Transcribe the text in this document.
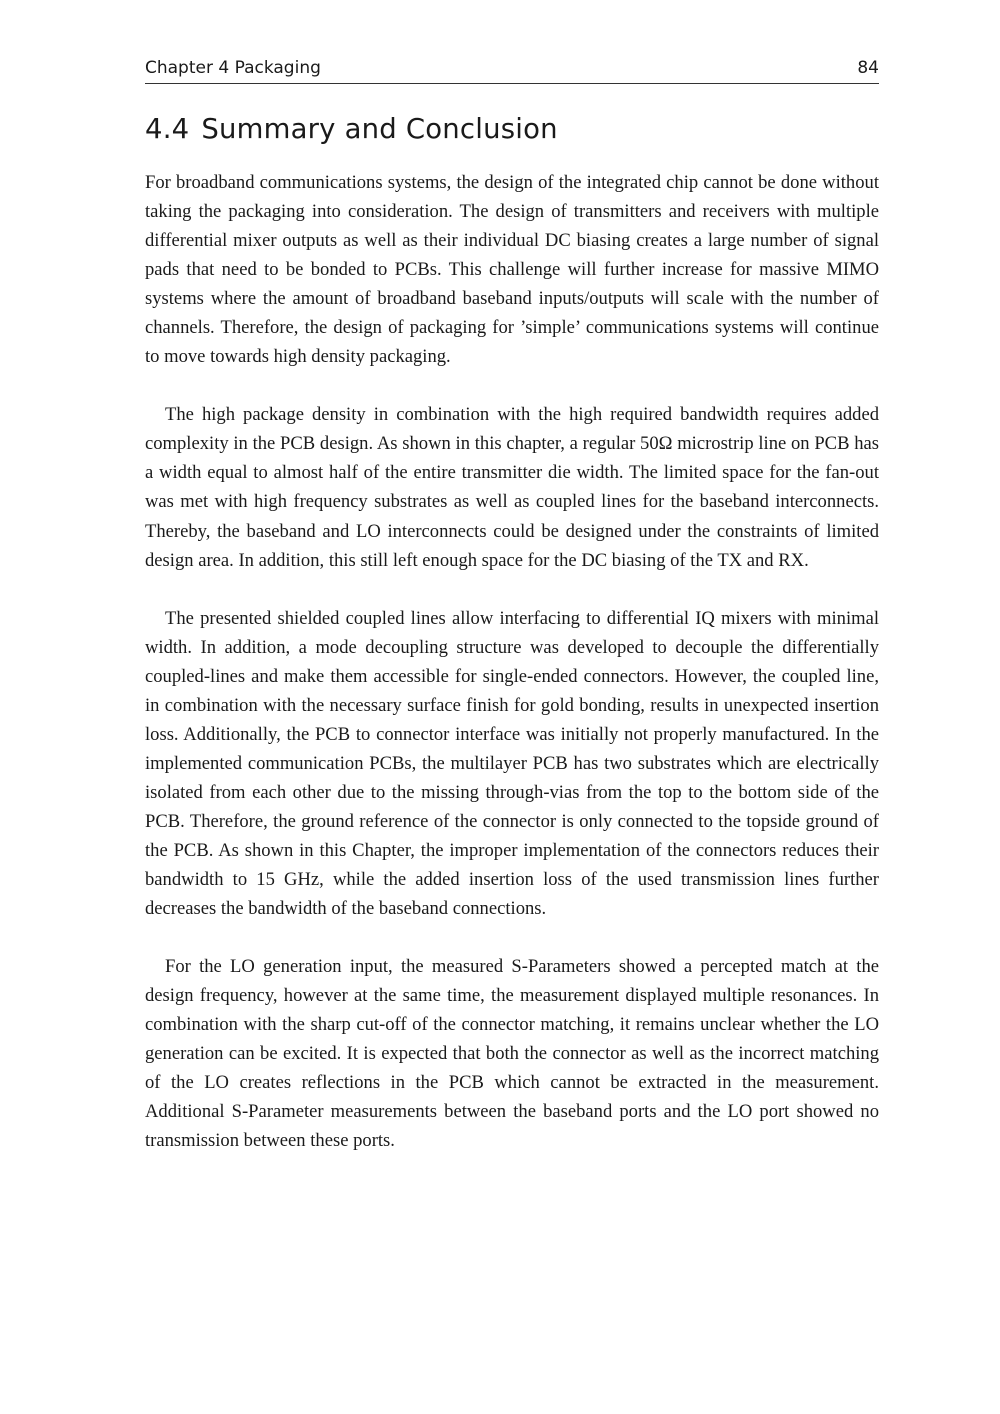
Chapter 4 Packaging	84
4.4 Summary and Conclusion

For broadband communications systems, the design of the integrated chip cannot be done without taking the packaging into consideration. The design of transmitters and receivers with multiple differential mixer outputs as well as their individual DC biasing creates a large number of signal pads that need to be bonded to PCBs. This challenge will further increase for massive MIMO systems where the amount of broadband baseband inputs/outputs will scale with the number of channels. Therefore, the design of packaging for ’simple’ communications systems will continue to move towards high density packaging.

The high package density in combination with the high required bandwidth requires added complexity in the PCB design. As shown in this chapter, a regular 50Ω microstrip line on PCB has a width equal to almost half of the entire transmitter die width. The limited space for the fan-out was met with high frequency substrates as well as coupled lines for the baseband interconnects. Thereby, the baseband and LO interconnects could be designed under the constraints of limited design area. In addition, this still left enough space for the DC biasing of the TX and RX.

The presented shielded coupled lines allow interfacing to differential IQ mixers with minimal width. In addition, a mode decoupling structure was developed to decouple the differentially coupled-lines and make them accessible for single-ended connectors. However, the coupled line, in combination with the necessary surface finish for gold bonding, results in unexpected insertion loss. Additionally, the PCB to connector interface was initially not properly manufactured. In the implemented communication PCBs, the multilayer PCB has two substrates which are electrically isolated from each other due to the missing through-vias from the top to the bottom side of the PCB. Therefore, the ground reference of the connector is only connected to the topside ground of the PCB. As shown in this Chapter, the improper implementation of the connectors reduces their bandwidth to 15 GHz, while the added insertion loss of the used transmission lines further decreases the bandwidth of the baseband connections.

For the LO generation input, the measured S-Parameters showed a percepted match at the design frequency, however at the same time, the measurement displayed multiple resonances. In combination with the sharp cut-off of the connector matching, it remains unclear whether the LO generation can be excited. It is expected that both the connector as well as the incorrect matching of the LO creates reflections in the PCB which cannot be extracted in the measurement. Additional S-Parameter measurements between the baseband ports and the LO port showed no transmission between these ports.
